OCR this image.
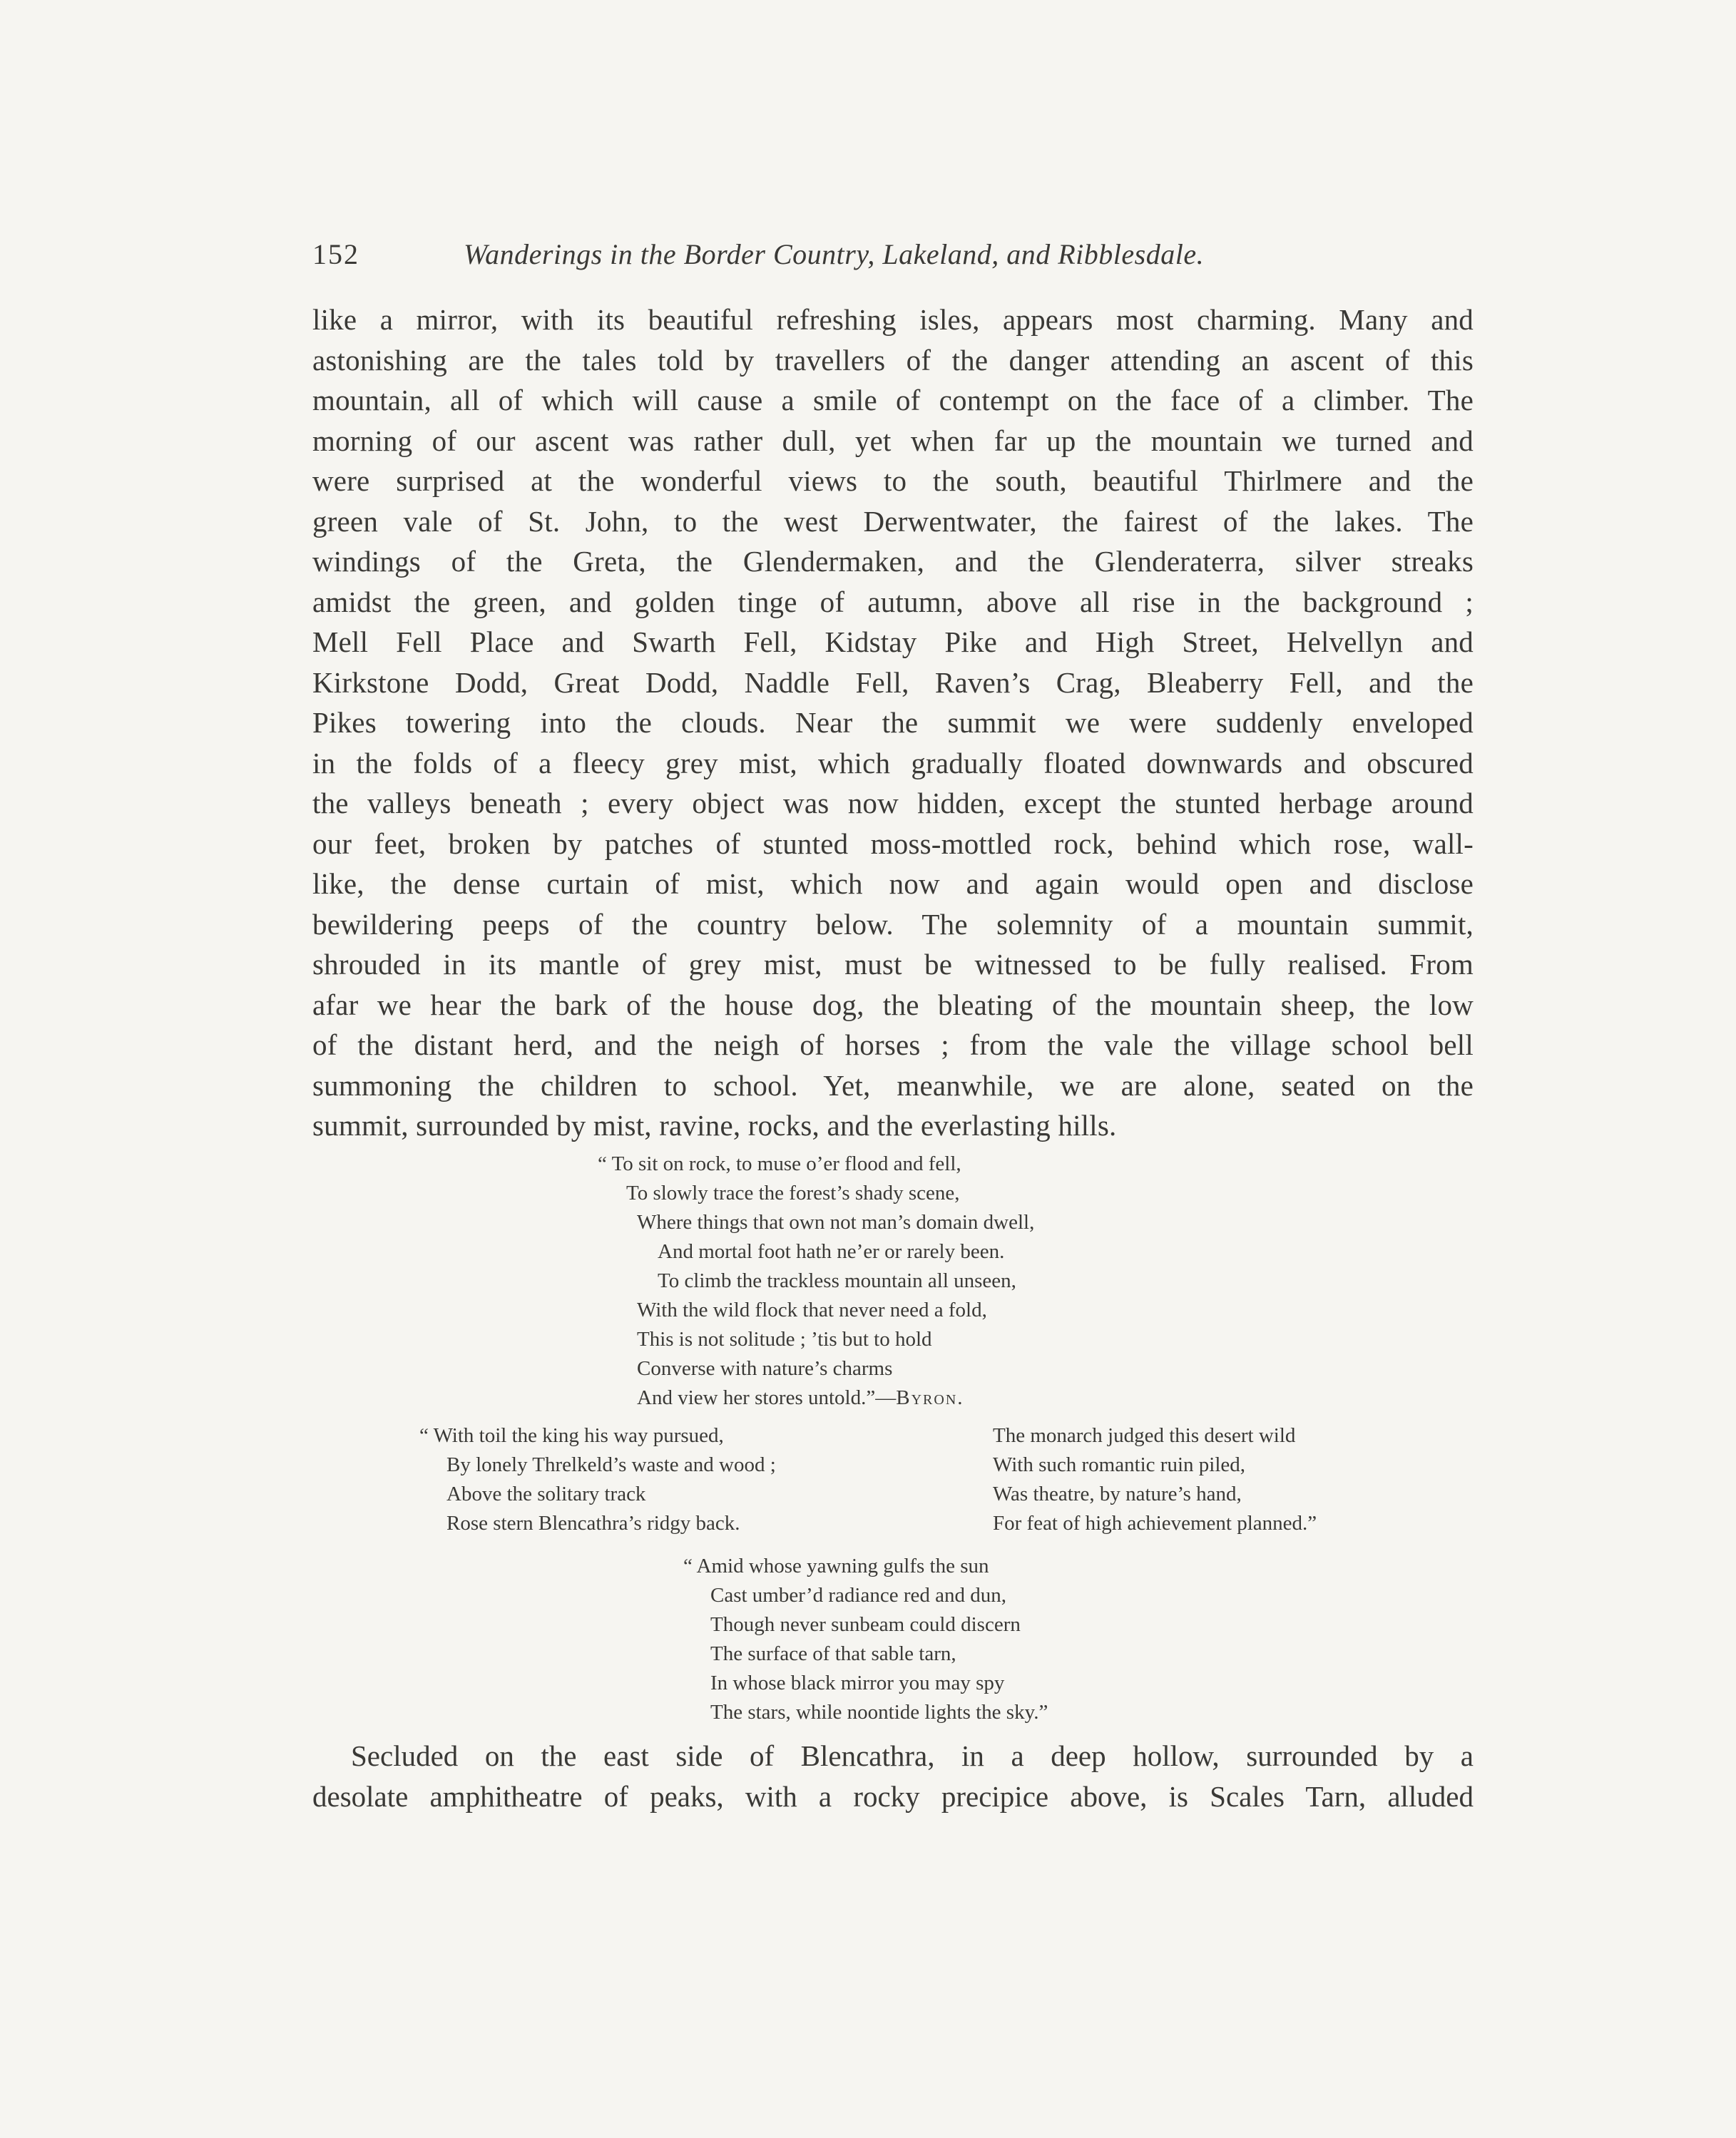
152	Wanderings in the Border Country, Lakeland, and Ribblesdale.
like a mirror, with its beautiful refreshing isles, appears most charming. Many and
astonishing are the tales told by travellers of the danger attending an ascent of this
mountain, all of which will cause a smile of contempt on the face of a climber. The
morning of our ascent was rather dull, yet when far up the mountain we turned and
were surprised at the wonderful views to the south, beautiful Thirlmere and the
green vale of St. John, to the west Derwentwater, the fairest of the lakes. The
windings of the Greta, the Glendermaken, and the Glenderaterra, silver streaks
amidst the green, and golden tinge of autumn, above all rise in the background ;
Mell Fell Place and Swarth Fell, Kidstay Pike and High Street, Helvellyn and
Kirkstone Dodd, Great Dodd, Naddle Fell, Raven’s Crag, Bleaberry Fell, and the
Pikes towering into the clouds. Near the summit we were suddenly enveloped
in the folds of a fleecy grey mist, which gradually floated downwards and obscured
the valleys beneath ; every object was now hidden, except the stunted herbage around
our feet, broken by patches of stunted moss-mottled rock, behind which rose, wall-
like, the dense curtain of mist, which now and again would open and disclose
bewildering peeps of the country below. The solemnity of a mountain summit,
shrouded in its mantle of grey mist, must be witnessed to be fully realised. From
afar we hear the bark of the house dog, the bleating of the mountain sheep, the low
of the distant herd, and the neigh of horses ; from the vale the village school bell
summoning the children to school. Yet, meanwhile, we are alone, seated on the
summit, surrounded by mist, ravine, rocks, and the everlasting hills.
“ To sit on rock, to muse o’er flood and fell,
To slowly trace the forest’s shady scene,
Where things that own not man’s domain dwell,
And mortal foot hath ne’er or rarely been.
To climb the trackless mountain all unseen,
With the wild flock that never need a fold,
This is not solitude ; ’tis but to hold
Converse with nature’s charms
And view her stores untold.”—Byron.
“ With toil the king his way pursued,
By lonely Threlkeld’s waste and wood ;
Above the solitary track
Rose stern Blencathra’s ridgy back.
The monarch judged this desert wild
With such romantic ruin piled,
Was theatre, by nature’s hand,
For feat of high achievement planned.”
“ Amid whose yawning gulfs the sun
Cast umber’d radiance red and dun,
Though never sunbeam could discern
The surface of that sable tarn,
In whose black mirror you may spy
The stars, while noontide lights the sky.”
Secluded on the east side of Blencathra, in a deep hollow, surrounded by a
desolate amphitheatre of peaks, with a rocky precipice above, is Scales Tarn, alluded
